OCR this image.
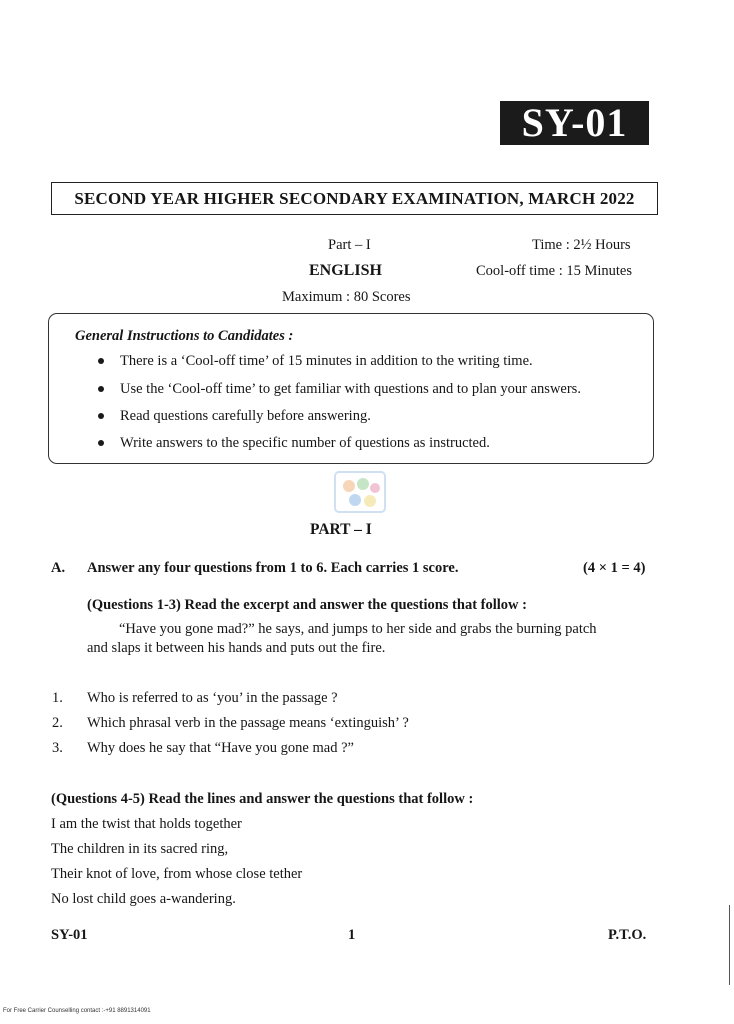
SY-01
SECOND YEAR HIGHER SECONDARY EXAMINATION, MARCH 2022
Part – I
ENGLISH
Maximum : 80 Scores
Time : 2½ Hours
Cool-off time : 15 Minutes
General Instructions to Candidates :
There is a ‘Cool-off time’ of 15 minutes in addition to the writing time.
Use the ‘Cool-off time’ to get familiar with questions and to plan your answers.
Read questions carefully before answering.
Write answers to the specific number of questions as instructed.
PART – I
A. Answer any four questions from 1 to 6. Each carries 1 score.	(4 × 1 = 4)
(Questions 1-3) Read the excerpt and answer the questions that follow :
“Have you gone mad?” he says, and jumps to her side and grabs the burning patch
and slaps it between his hands and puts out the fire.
1. Who is referred to as ‘you’ in the passage ?
2. Which phrasal verb in the passage means ‘extinguish’ ?
3. Why does he say that “Have you gone mad ?”
(Questions 4-5) Read the lines and answer the questions that follow :
I am the twist that holds together
The children in its sacred ring,
Their knot of love, from whose close tether
No lost child goes a-wandering.
SY-01	1	P.T.O.
For Free Carrier Counselling contact :-+91 8891314091
